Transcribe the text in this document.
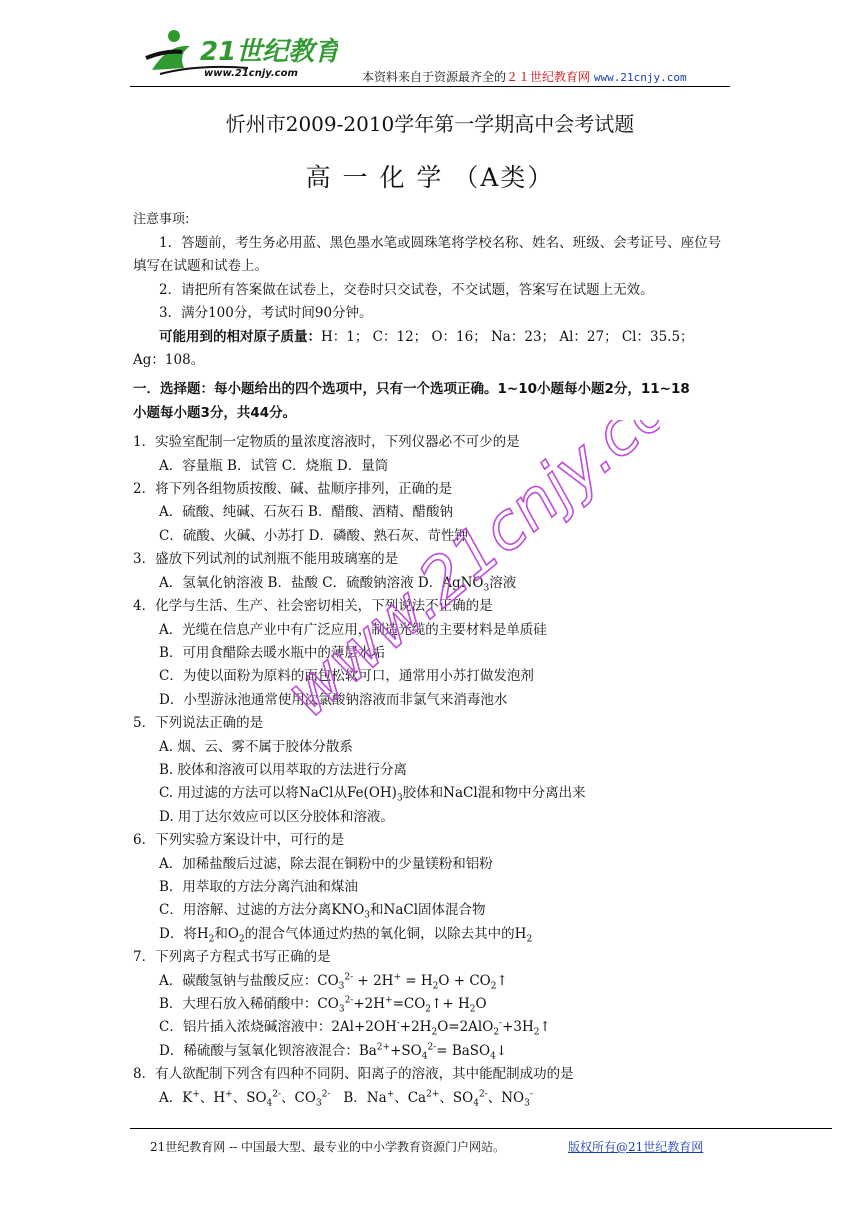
21世纪教育
www.21cnjy.com	本资料来自于资源最齐全的２１世纪教育网 www.21cnjy.com
忻州市2009-2010学年第一学期高中会考试题
高 一 化 学 （A类）
注意事项:

1．答题前，考生务必用蓝、黑色墨水笔或圆珠笔将学校名称、姓名、班级、会考证号、座位号填写在试题和试卷上。

2．请把所有答案做在试卷上，交卷时只交试卷，不交试题，答案写在试题上无效。

3．满分100分，考试时间90分钟。

可能用到的相对原子质量：H：1； C：12； O：16； Na：23； Al：27； Cl：35.5；

Ag：108。

一．选择题：每小题给出的四个选项中，只有一个选项正确。1~10小题每小题2分，11~18

小题每小题3分，共44分。

1．实验室配制一定物质的量浓度溶液时，下列仪器必不可少的是

A．容量瓶 B．试管 C．烧瓶 D．量筒

2．将下列各组物质按酸、碱、盐顺序排列，正确的是

A．硫酸、纯碱、石灰石 B．醋酸、酒精、醋酸钠

C．硫酸、火碱、小苏打 D．磷酸、熟石灰、苛性钾

3．盛放下列试剂的试剂瓶不能用玻璃塞的是

A．氢氧化钠溶液 B．盐酸 C．硫酸钠溶液 D．AgNO$_3$溶液

4．化学与生活、生产、社会密切相关，下列说法不正确的是

A．光缆在信息产业中有广泛应用，制造光缆的主要材料是单质硅

B．可用食醋除去暖水瓶中的薄层水垢

C．为使以面粉为原料的面包松软可口，通常用小苏打做发泡剂

D．小型游泳池通常使用次氯酸钠溶液而非氯气来消毒池水

5．下列说法正确的是

A. 烟、云、雾不属于胶体分散系

B. 胶体和溶液可以用萃取的方法进行分离

C. 用过滤的方法可以将NaCl从$Fe(OH)_3$胶体和NaCl混和物中分离出来

D. 用丁达尔效应可以区分胶体和溶液。

6．下列实验方案设计中，可行的是

A．加稀盐酸后过滤，除去混在铜粉中的少量镁粉和铝粉

B．用萃取的方法分离汽油和煤油

C．用溶解、过滤的方法分离$KNO_3$和NaCl固体混合物

D．将$H_2$和$O_2$的混合气体通过灼热的氧化铜，以除去其中的$H_2$

7．下列离子方程式书写正确的是

A．碳酸氢钠与盐酸反应：$CO_3^{2-} + 2H^+ = H_2O$ + $CO_2↑$

B．大理石放入稀硝酸中：$CO_3^{2-}+2H^+=CO_2↑+ H_2O$

C．铝片插入浓烧碱溶液中：$2Al+2OH^-+2H_2O=2AlO_2^-+3H_2↑$

D．稀硫酸与氢氧化钡溶液混合：$Ba^{2+}+SO_4^{2-}=$ BaSO$_4$↓

8．有人欲配制下列含有四种不同阴、阳离子的溶液，其中能配制成功的是

A．K+、H+、$SO_4^{2-}$、$CO_3^{2-}$ B．Na+、$Ca^{2+}$、$SO_4^{2-}$、$NO_3^-$

www.21cnjy.com
21世纪教育网 -- 中国最大型、最专业的中小学教育资源门户网站。	版权所有@21世纪教育网
